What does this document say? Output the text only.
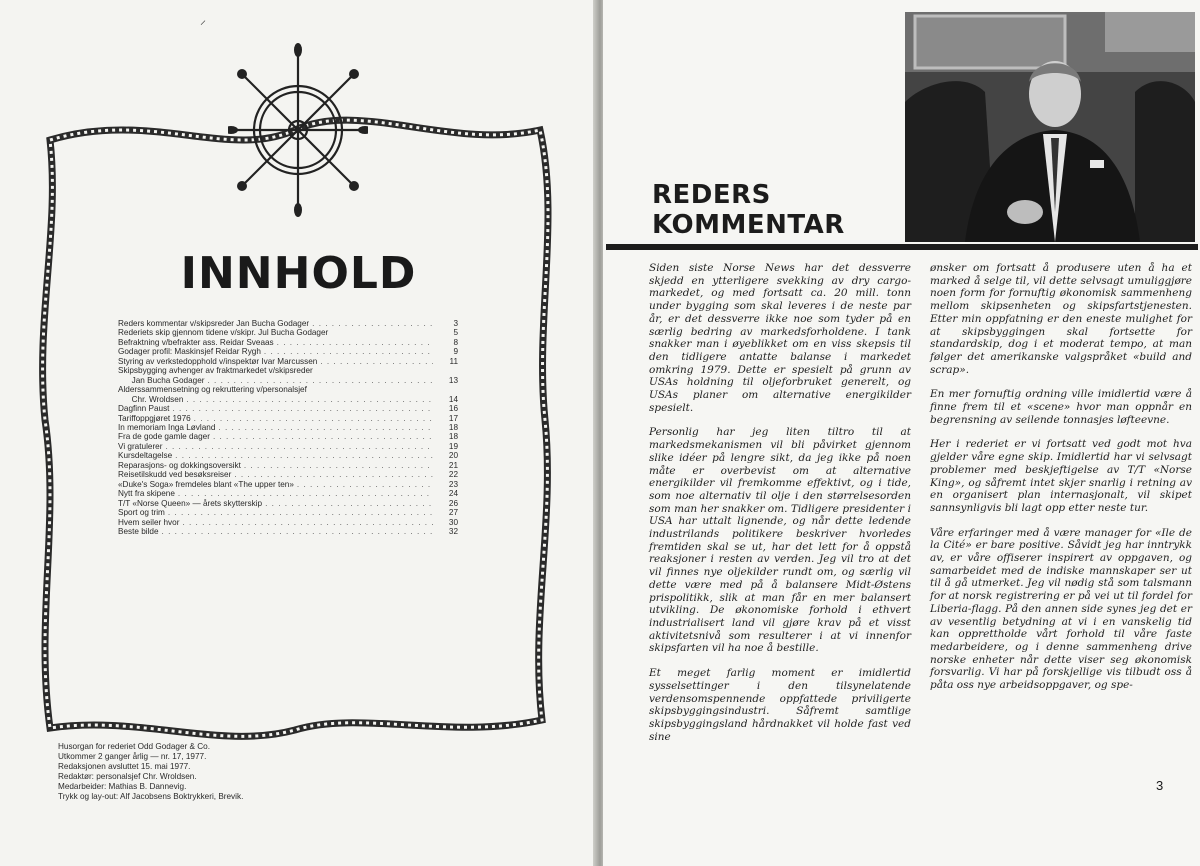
⸍
INNHOLD
Reders kommentar v/skipsreder Jan Bucha Godager . . .	3
Rederiets skip gjennom tidene v/skipr. Jul Bucha Godager	5
Befraktning v/befrakter ass. Reidar Sveaas . . .	8
Godager profil: Maskinsjef Reidar Rygh . . .	9
Styring av verkstedopphold v/inspektør Ivar Marcussen . . .	11
Skipsbygging avhenger av fraktmarkedet v/skipsreder
Jan Bucha Godager . . .	13
Alderssammensetning og rekruttering v/personalsjef
Chr. Wroldsen . . .	14
Dagfinn Paust . . .	16
Tariffoppgjøret 1976 . . .	17
In memoriam Inga Løvland . . .	18
Fra de gode gamle dager . . .	18
Vi gratulerer . . .	19
Kursdeltagelse . . .	20
Reparasjons- og dokkingsoversikt . . .	21
Reisetilskudd ved besøksreiser . . .	22
«Duke's Soga» fremdeles blant «The upper ten» . . .	23
Nytt fra skipene . . .	24
T/T «Norse Queen» — årets skytterskip . . .	26
Sport og trim . . .	27
Hvem seiler hvor . . .	30
Beste bilde . . .	32
Husorgan for rederiet Odd Godager & Co.
Utkommer 2 ganger årlig — nr. 17, 1977.
Redaksjonen avsluttet 15. mai 1977.
Redaktør: personalsjef Chr. Wroldsen.
Medarbeider: Mathias B. Dannevig.
Trykk og lay-out: Alf Jacobsens Boktrykkeri, Brevik.
REDERS
KOMMENTAR

Siden siste Norse News har det dessverre skjedd en ytterligere svekking av dry cargo-markedet, og med fortsatt ca. 20 mill. tonn under bygging som skal leveres i de neste par år, er det dessverre ikke noe som tyder på en særlig bedring av markedsforholdene. I tank snakker man i øyeblikket om en viss skepsis til den tidligere antatte balanse i markedet omkring 1979. Dette er spesielt på grunn av USAs holdning til oljeforbruket generelt, og USAs planer om alternative energikilder spesielt.

Personlig har jeg liten tiltro til at markedsmekanismen vil bli påvirket gjennom slike idéer på lengre sikt, da jeg ikke på noen måte er overbevist om at alternative energikilder vil fremkomme effektivt, og i tide, som noe alternativ til olje i den størrelsesorden som man her snakker om. Tidligere presidenter i USA har uttalt lignende, og når dette ledende industrilands politikere beskriver hvorledes fremtiden skal se ut, har det lett for å oppstå reaksjoner i resten av verden. Jeg vil tro at det vil finnes nye oljekilder rundt om, og særlig vil dette være med på å balansere Midt-Østens prispolitikk, slik at man får en mer balansert utvikling. De økonomiske forhold i ethvert industrialisert land vil gjøre krav på et visst aktivitetsnivå som resulterer i at vi innenfor skipsfarten vil ha noe å bestille.

Et meget farlig moment er imidlertid sysselsettinger i den tilsynelatende verdensomspennende oppfattede priviligerte skipsbyggingsindustri. Såfremt samtlige skipsbyggingsland hårdnakket vil holde fast ved sine

ønsker om fortsatt å produsere uten å ha et marked å selge til, vil dette selvsagt umuliggjøre noen form for fornuftig økonomisk sammenheng mellom skipsenheten og skipsfartstjenesten. Etter min oppfatning er den eneste mulighet for at skipsbyggingen skal fortsette for standardskip, dog i et moderat tempo, at man følger det amerikanske valgspråket «build and scrap».

En mer fornuftig ordning ville imidlertid være å finne frem til et «scene» hvor man oppnår en begrensning av seilende tonnasjes løfteevne.

Her i rederiet er vi fortsatt ved godt mot hva gjelder våre egne skip. Imidlertid har vi selvsagt problemer med beskjeftigelse av T/T «Norse King», og såfremt intet skjer snarlig i retning av en organisert plan internasjonalt, vil skipet sannsynligvis bli lagt opp etter neste tur.

Våre erfaringer med å være manager for «Ile de la Cité» er bare positive. Såvidt jeg har inntrykk av, er våre offiserer inspirert av oppgaven, og samarbeidet med de indiske mannskaper ser ut til å gå utmerket. Jeg vil nødig stå som talsmann for at norsk registrering er på vei ut til fordel for Liberia-flagg. På den annen side synes jeg det er av vesentlig betydning at vi i en vanskelig tid kan opprettholde vårt forhold til våre faste medarbeidere, og i denne sammenheng drive norske enheter når dette viser seg økonomisk forsvarlig. Vi har på forskjellige vis tilbudt oss å påta oss nye arbeidsoppgaver, og spe-

3
